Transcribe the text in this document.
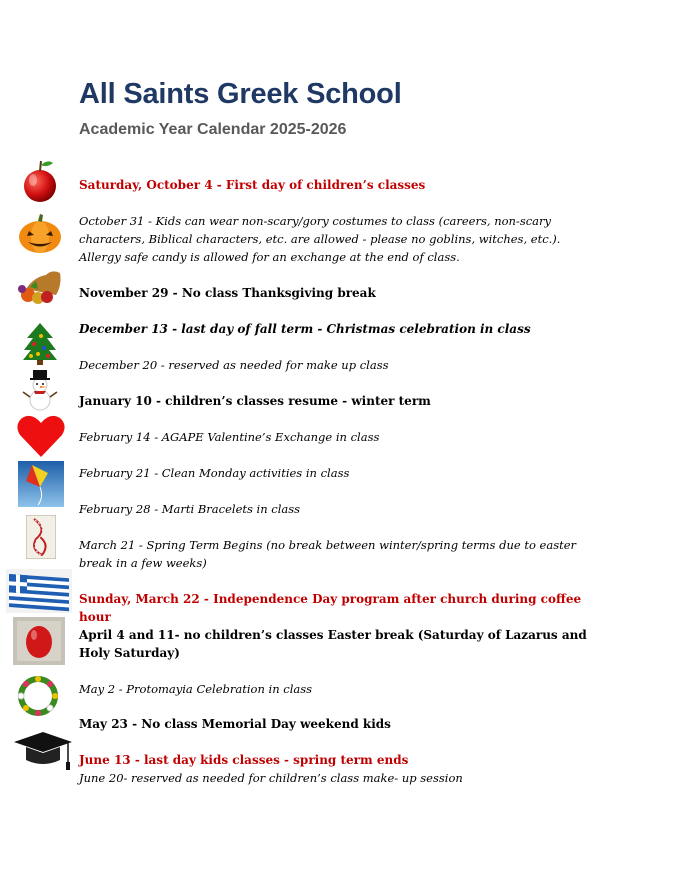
All Saints Greek School
Academic Year Calendar 2025-2026
Saturday, October 4 - First day of children’s classes
October 31 - Kids can wear non-scary/gory costumes to class (careers, non-scary characters, Biblical characters, etc. are allowed - please no goblins, witches, etc.). Allergy safe candy is allowed for an exchange at the end of class.
November 29 - No class Thanksgiving break
December 13 - last day of fall term - Christmas celebration in class
December 20 - reserved as needed for make up class
January 10 - children’s classes resume - winter term
February 14 - AGAPE Valentine’s Exchange in class
February 21 - Clean Monday activities in class
February 28 - Marti Bracelets in class
March 21 - Spring Term Begins (no break between winter/spring terms due to easter break in a few weeks)
Sunday, March 22 - Independence Day program after church during coffee hour
April 4 and 11- no children’s classes Easter break (Saturday of Lazarus and Holy Saturday)
May 2 - Protomayia Celebration in class
May 23 - No class Memorial Day weekend kids
June 13 - last day kids classes - spring term ends
June 20- reserved as needed for children’s class make- up session
